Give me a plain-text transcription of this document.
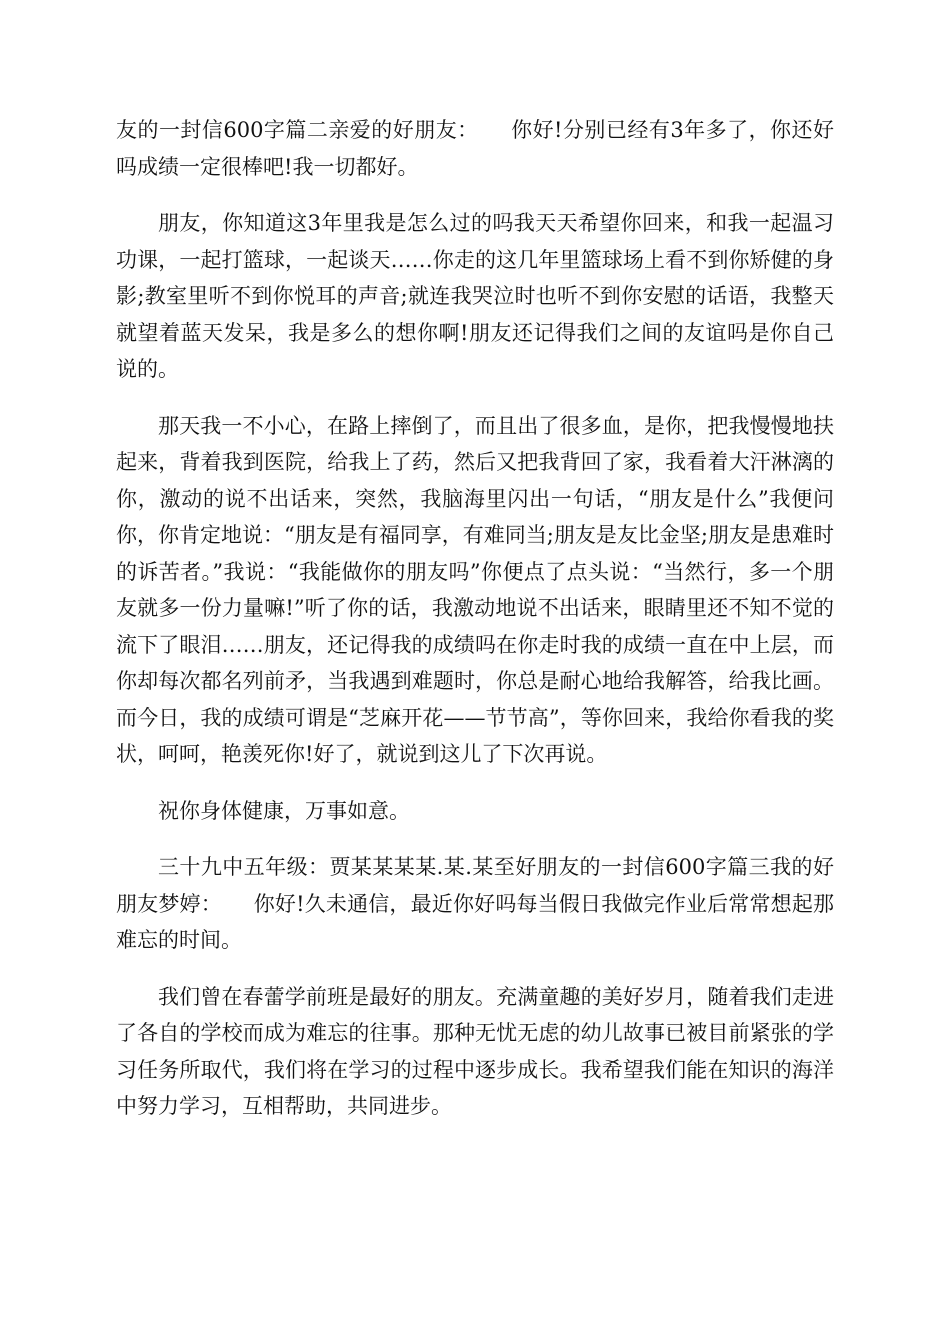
友的一封信600字篇二亲爱的好朋友：　　你好!分别已经有3年多了，你还好吗成绩一定很棒吧!我一切都好。

朋友，你知道这3年里我是怎么过的吗我天天希望你回来，和我一起温习功课，一起打篮球，一起谈天……你走的这几年里篮球场上看不到你矫健的身影;教室里听不到你悦耳的声音;就连我哭泣时也听不到你安慰的话语，我整天就望着蓝天发呆，我是多么的想你啊!朋友还记得我们之间的友谊吗是你自己说的。

那天我一不小心，在路上摔倒了，而且出了很多血，是你，把我慢慢地扶起来，背着我到医院，给我上了药，然后又把我背回了家，我看着大汗淋漓的你，激动的说不出话来，突然，我脑海里闪出一句话，“朋友是什么”我便问你，你肯定地说：“朋友是有福同享，有难同当;朋友是友比金坚;朋友是患难时的诉苦者。”我说：“我能做你的朋友吗”你便点了点头说：“当然行，多一个朋友就多一份力量嘛!”听了你的话，我激动地说不出话来，眼睛里还不知不觉的流下了眼泪……朋友，还记得我的成绩吗在你走时我的成绩一直在中上层，而你却每次都名列前矛，当我遇到难题时，你总是耐心地给我解答，给我比画。而今日，我的成绩可谓是“芝麻开花——节节高”，等你回来，我给你看我的奖状，呵呵，艳羡死你!好了，就说到这儿了下次再说。

祝你身体健康，万事如意。

三十九中五年级：贾某某某某.某.某至好朋友的一封信600字篇三我的好朋友梦婷：　　你好!久未通信，最近你好吗每当假日我做完作业后常常想起那难忘的时间。

我们曾在春蕾学前班是最好的朋友。充满童趣的美好岁月，随着我们走进了各自的学校而成为难忘的往事。那种无忧无虑的幼儿故事已被目前紧张的学习任务所取代，我们将在学习的过程中逐步成长。我希望我们能在知识的海洋中努力学习，互相帮助，共同进步。
